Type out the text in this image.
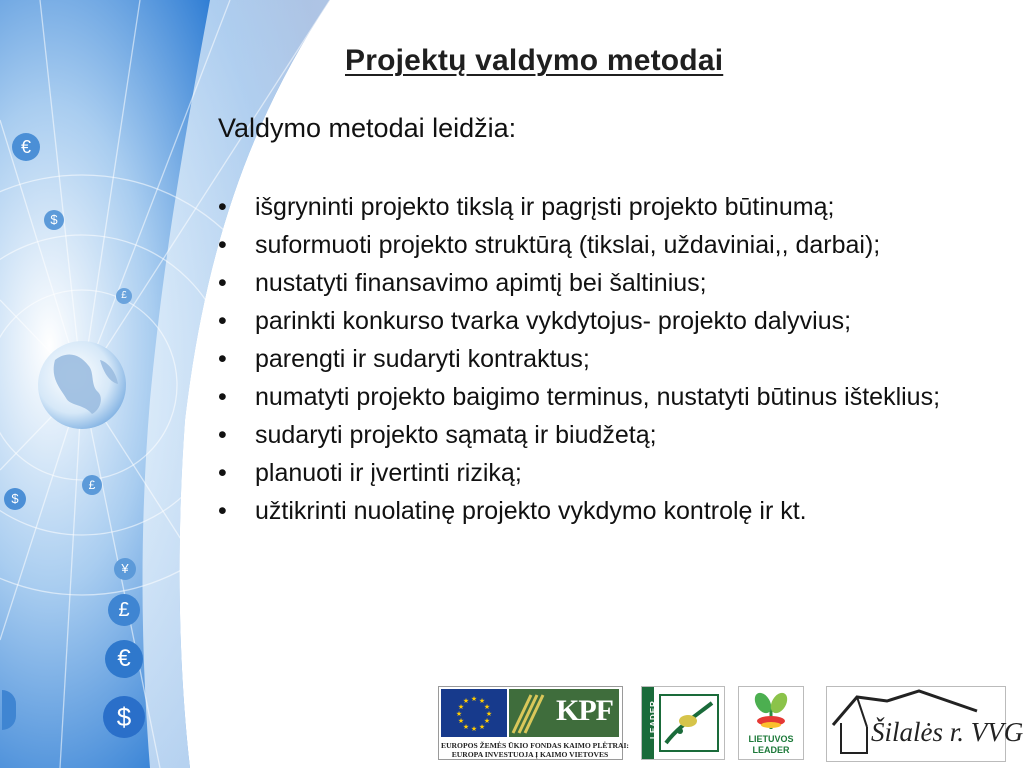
€
$
£
£
$
¥
£
€
$
Projektų valdymo metodai
Valdymo metodai leidžia:
• išgryninti projekto tikslą ir pagrįsti projekto būtinumą;
• suformuoti projekto struktūrą (tikslai, uždaviniai,, darbai);
• nustatyti finansavimo apimtį bei šaltinius;
• parinkti konkurso tvarka vykdytojus- projekto dalyvius;
• parengti ir sudaryti kontraktus;
• numatyti projekto baigimo terminus, nustatyti būtinus išteklius;
• sudaryti projekto sąmatą ir biudžetą;
• planuoti ir įvertinti riziką;
• užtikrinti nuolatinę projekto vykdymo kontrolę ir kt.
★ ★
★
★
★
★
★
★
★
★
★
★	KPF
EUROPOS ŽEMĖS ŪKIO FONDAS KAIMO PLĖTRAI:
EUROPA INVESTUOJA Į KAIMO VIETOVES
LEADER
LIETUVOS
LEADER
Šilalės r. VVG
